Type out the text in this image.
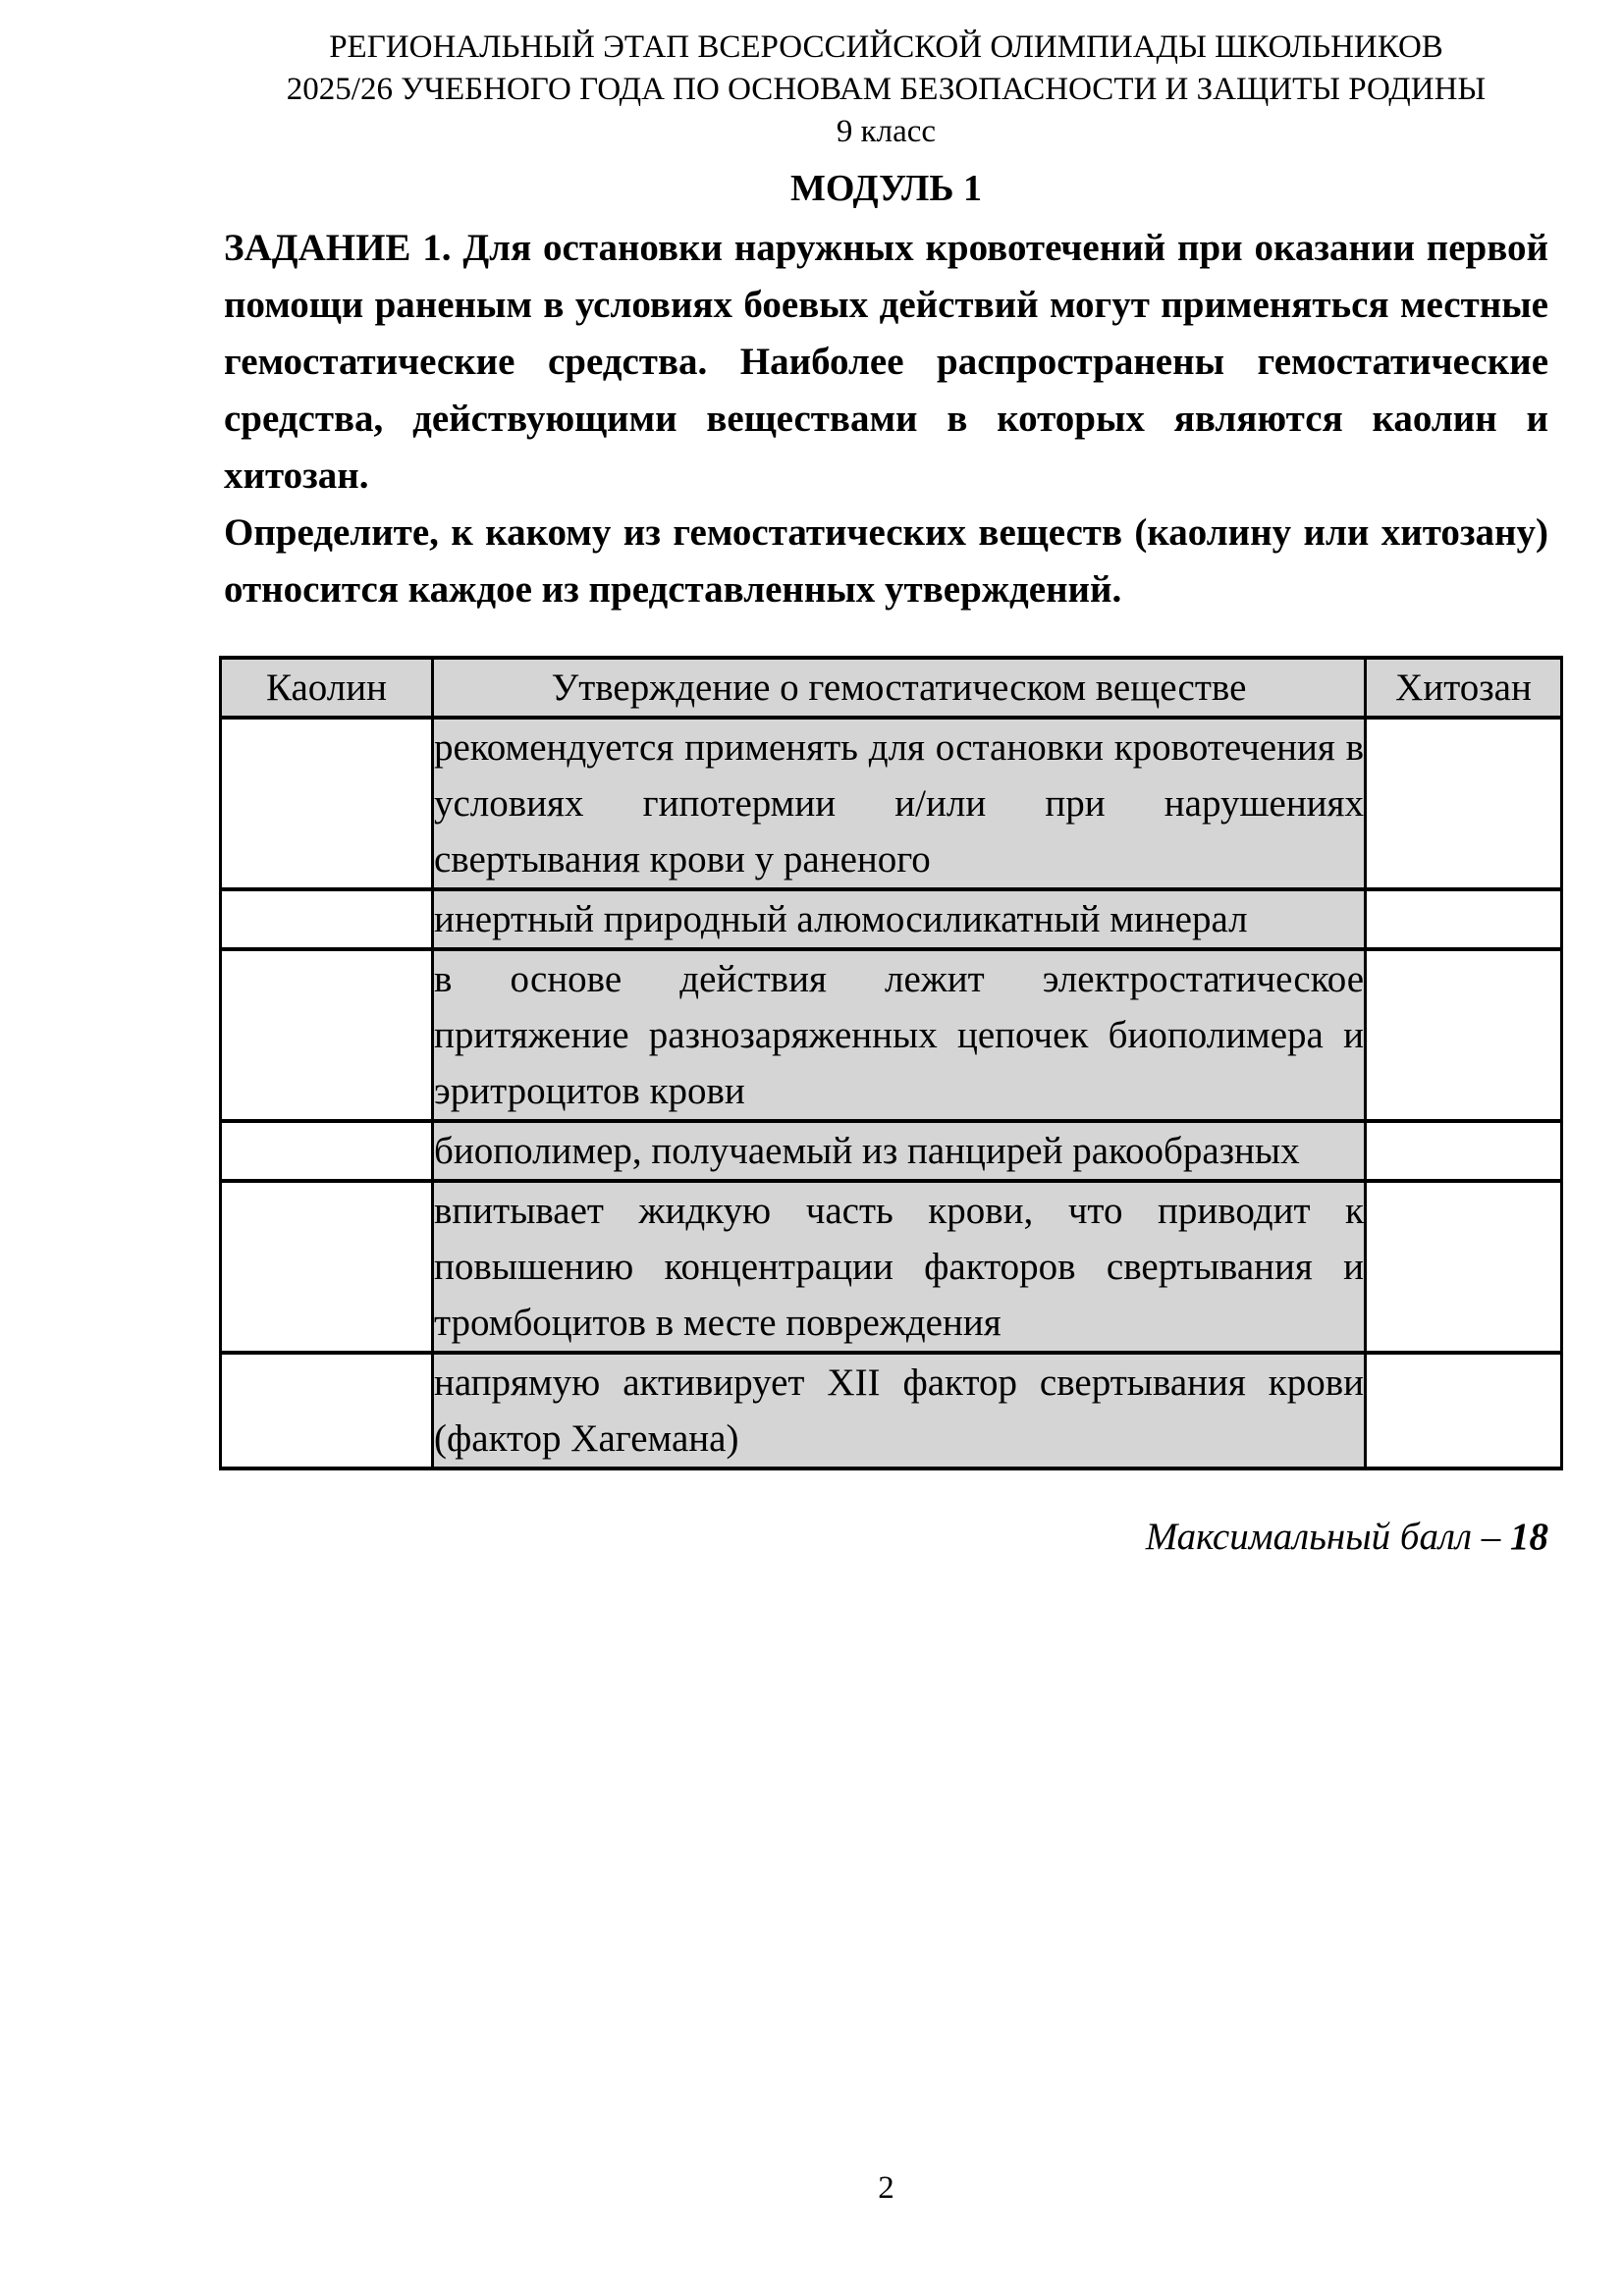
РЕГИОНАЛЬНЫЙ ЭТАП ВСЕРОССИЙСКОЙ ОЛИМПИАДЫ ШКОЛЬНИКОВ
2025/26 УЧЕБНОГО ГОДА ПО ОСНОВАМ БЕЗОПАСНОСТИ И ЗАЩИТЫ РОДИНЫ
9 класс
МОДУЛЬ 1

ЗАДАНИЕ 1. Для остановки наружных кровотечений при оказании первой помощи раненым в условиях боевых действий могут применяться местные гемостатические средства. Наиболее распространены гемостатические средства, действующими веществами в которых являются каолин и хитозан.

Определите, к какому из гемостатических веществ (каолину или хитозану) относится каждое из представленных утверждений.

Каолин	Утверждение о гемостатическом веществе	Хитозан
	рекомендуется применять для остановки кровотечения в условиях гипотермии и/или при нарушениях свертывания крови у раненого	
	инертный природный алюмосиликатный минерал	
	в основе действия лежит электростатическое притяжение разнозаряженных цепочек биополимера и эритроцитов крови	
	биополимер, получаемый из панцирей ракообразных	
	впитывает жидкую часть крови, что приводит к повышению концентрации факторов свертывания и тромбоцитов в месте повреждения	
	напрямую активирует XII фактор свертывания крови (фактор Хагемана)	
Максимальный балл – 18
2
